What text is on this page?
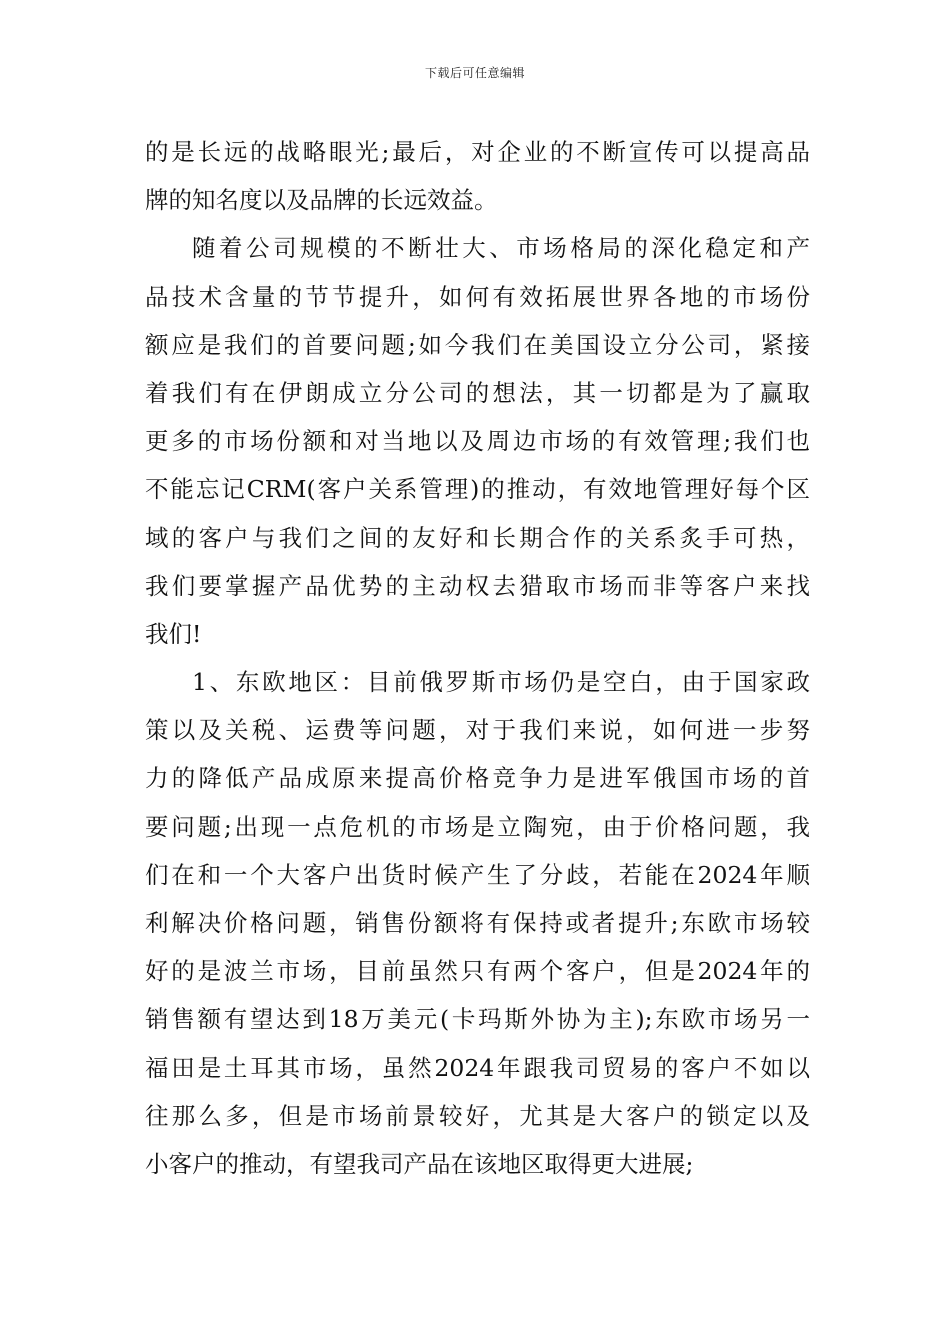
下载后可任意编辑
的是长远的战略眼光;最后，对企业的不断宣传可以提高品
牌的知名度以及品牌的长远效益。
随着公司规模的不断壮大、市场格局的深化稳定和产
品技术含量的节节提升，如何有效拓展世界各地的市场份
额应是我们的首要问题;如今我们在美国设立分公司，紧接
着我们有在伊朗成立分公司的想法，其一切都是为了赢取
更多的市场份额和对当地以及周边市场的有效管理;我们也
不能忘记CRM(客户关系管理)的推动，有效地管理好每个区
域的客户与我们之间的友好和长期合作的关系炙手可热，
我们要掌握产品优势的主动权去猎取市场而非等客户来找
我们!
1、东欧地区：目前俄罗斯市场仍是空白，由于国家政
策以及关税、运费等问题，对于我们来说，如何进一步努
力的降低产品成原来提高价格竞争力是进军俄国市场的首
要问题;出现一点危机的市场是立陶宛，由于价格问题，我
们在和一个大客户出货时候产生了分歧，若能在2024年顺
利解决价格问题，销售份额将有保持或者提升;东欧市场较
好的是波兰市场，目前虽然只有两个客户，但是2024年的
销售额有望达到18万美元(卡玛斯外协为主);东欧市场另一
福田是土耳其市场，虽然2024年跟我司贸易的客户不如以
往那么多，但是市场前景较好，尤其是大客户的锁定以及
小客户的推动，有望我司产品在该地区取得更大进展;
